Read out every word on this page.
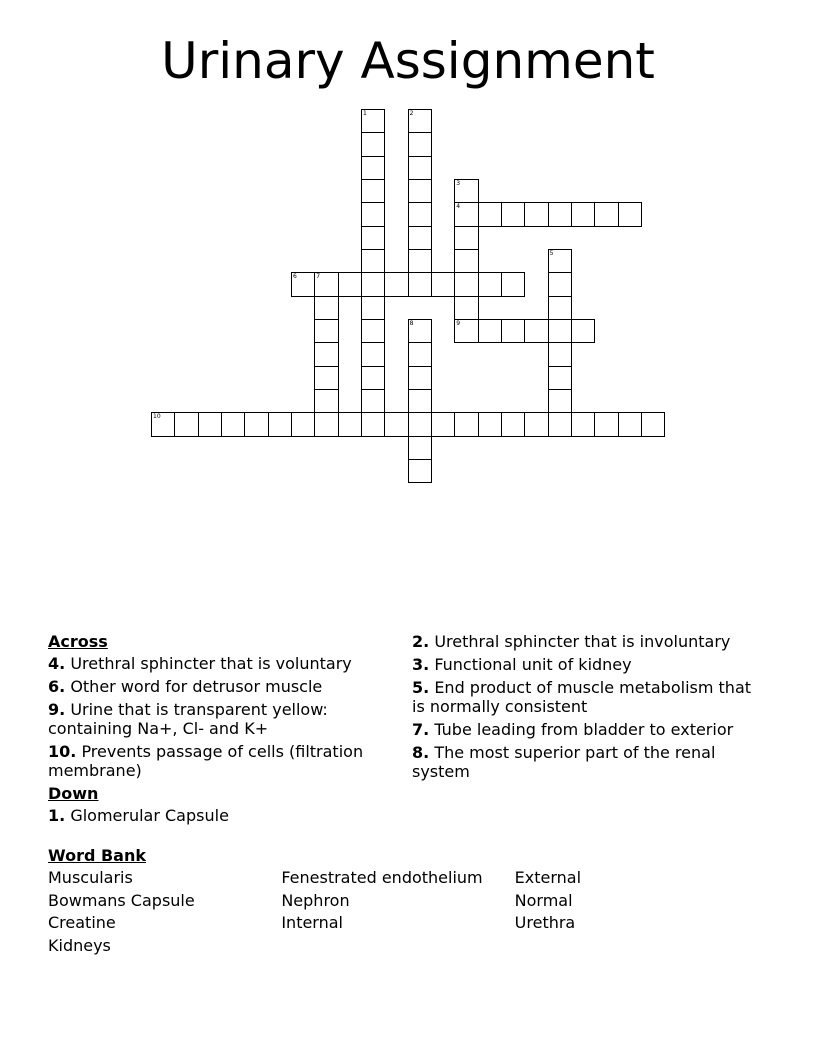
Urinary Assignment
1	2
3
4
9
5
6	7
8
10
Across
4. Urethral sphincter that is voluntary
6. Other word for detrusor muscle
9. Urine that is transparent yellow: containing Na+, Cl- and K+
10. Prevents passage of cells (filtration membrane)
Down
1. Glomerular Capsule
2. Urethral sphincter that is involuntary
3. Functional unit of kidney
5. End product of muscle metabolism that is normally consistent
7. Tube leading from bladder to exterior
8. The most superior part of the renal system
Word Bank
Muscularis
Bowmans Capsule
Creatine
Kidneys
Fenestrated endothelium
Nephron
Internal
External
Normal
Urethra
